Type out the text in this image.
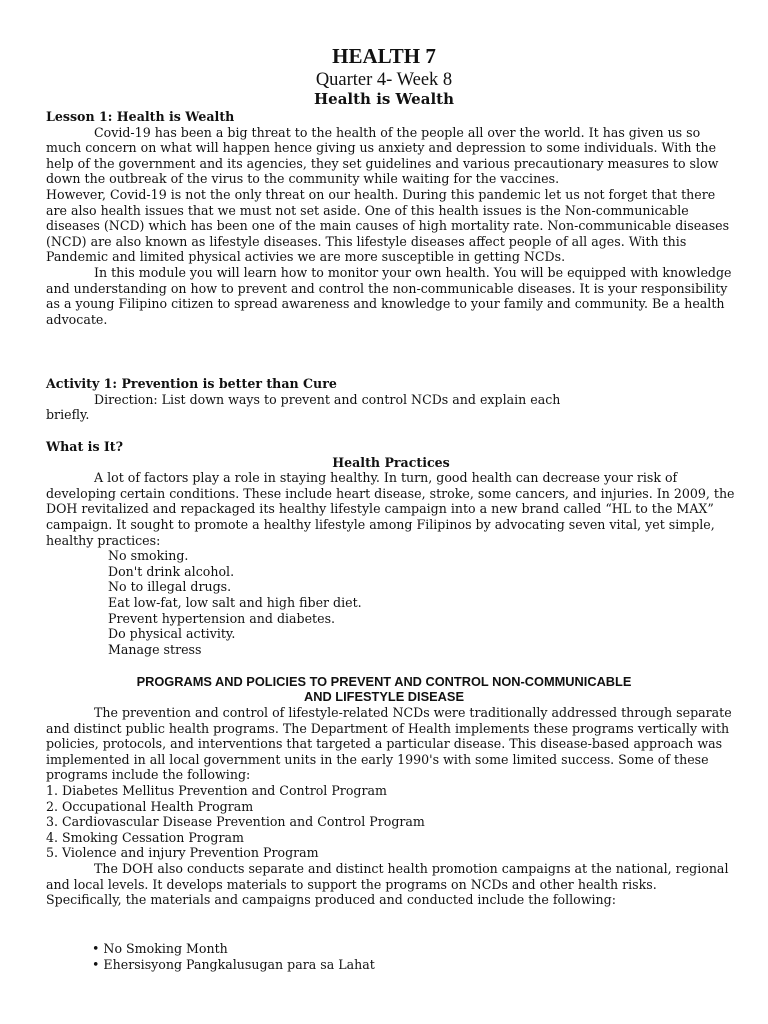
HEALTH 7
Quarter 4- Week 8
Health is Wealth

Lesson 1: Health is Wealth

Covid-19 has been a big threat to the health of the people all over the world. It has given us so much concern on what will happen hence giving us anxiety and depression to some individuals. With the help of the government and its agencies, they set guidelines and various precautionary measures to slow down the outbreak of the virus to the community while waiting for the vaccines.

However, Covid-19 is not the only threat on our health. During this pandemic let us not forget that there are also health issues that we must not set aside. One of this health issues is the Non-communicable diseases (NCD) which has been one of the main causes of high mortality rate. Non-communicable diseases (NCD) are also known as lifestyle diseases. This lifestyle diseases affect people of all ages. With this Pandemic and limited physical activies we are more susceptible in getting NCDs.

In this module you will learn how to monitor your own health. You will be equipped with knowledge and understanding on how to prevent and control the non-communicable diseases. It is your responsibility as a young Filipino citizen to spread awareness and knowledge to your family and community. Be a health advocate.

Activity 1: Prevention is better than Cure

Direction: List down ways to prevent and control NCDs and explain each

briefly.

What is It?

Health Practices

A lot of factors play a role in staying healthy. In turn, good health can decrease your risk of developing certain conditions. These include heart disease, stroke, some cancers, and injuries. In 2009, the DOH revitalized and repackaged its healthy lifestyle campaign into a new brand called “HL to the MAX” campaign. It sought to promote a healthy lifestyle among Filipinos by advocating seven vital, yet simple, healthy practices:

No smoking.
Don't drink alcohol.
No to illegal drugs.
Eat low-fat, low salt and high fiber diet.
Prevent hypertension and diabetes.
Do physical activity.
Manage stress
PROGRAMS AND POLICIES TO PREVENT AND CONTROL NON-COMMUNICABLE
AND LIFESTYLE DISEASE

The prevention and control of lifestyle-related NCDs were traditionally addressed through separate and distinct public health programs. The Department of Health implements these programs vertically with policies, protocols, and interventions that targeted a particular disease. This disease-based approach was implemented in all local government units in the early 1990's with some limited success. Some of these programs include the following:

1. Diabetes Mellitus Prevention and Control Program

2. Occupational Health Program

3. Cardiovascular Disease Prevention and Control Program

4. Smoking Cessation Program

5. Violence and injury Prevention Program

The DOH also conducts separate and distinct health promotion campaigns at the national, regional and local levels. It develops materials to support the programs on NCDs and other health risks. Specifically, the materials and campaigns produced and conducted include the following:

• No Smoking Month
• Ehersisyong Pangkalusugan para sa Lahat
